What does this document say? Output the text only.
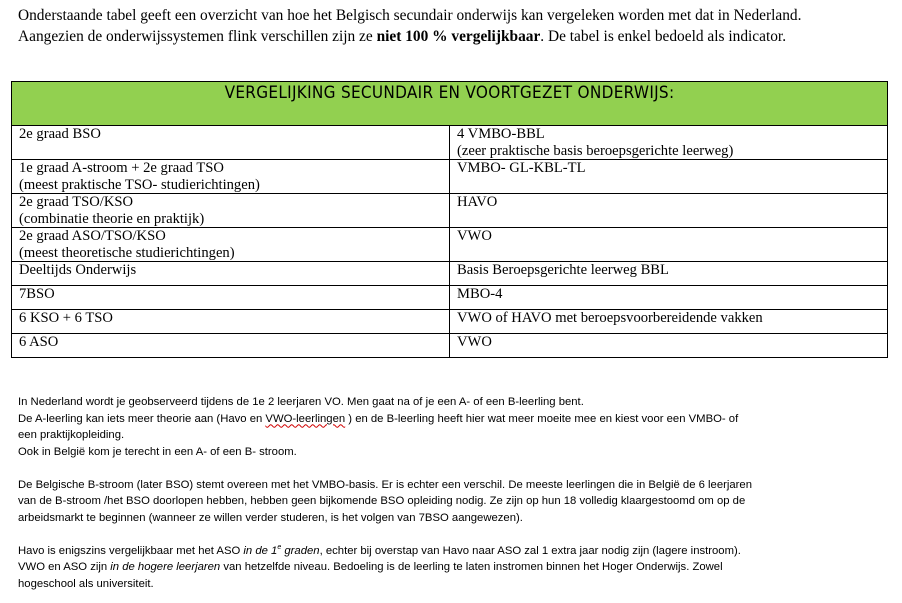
Onderstaande tabel geeft een overzicht van hoe het Belgisch secundair onderwijs kan vergeleken worden met dat in Nederland.

Aangezien de onderwijssystemen flink verschillen zijn ze niet 100 % vergelijkbaar. De tabel is enkel bedoeld als indicator.

VERGELIJKING SECUNDAIR EN VOORTGEZET ONDERWIJS:	

2e graad BSO	4 VMBO-BBL
(zeer praktische basis beroepsgerichte leerweg)

1e graad A-stroom + 2e graad TSO
(meest praktische TSO- studierichtingen)	VMBO- GL-KBL-TL

2e graad TSO/KSO
(combinatie theorie en praktijk)	HAVO

2e graad ASO/TSO/KSO
(meest theoretische studierichtingen)	VWO

Deeltijds Onderwijs	Basis Beroepsgerichte leerweg BBL

7BSO	MBO-4

6 KSO + 6 TSO	VWO of HAVO met beroepsvoorbereidende vakken

6 ASO	VWO

In Nederland wordt je geobserveerd tijdens de 1e 2 leerjaren VO. Men gaat na of je een A- of een B-leerling bent.

De A-leerling kan iets meer theorie aan (Havo en VWO-leerlingen ) en de B-leerling heeft hier wat meer moeite mee en kiest voor een VMBO- of

een praktijkopleiding.

Ook in België kom je terecht in een A- of een B- stroom.

De Belgische B-stroom (later BSO) stemt overeen met het VMBO-basis. Er is echter een verschil. De meeste leerlingen die in België de 6 leerjaren

van de B-stroom /het BSO doorlopen hebben, hebben geen bijkomende BSO opleiding nodig. Ze zijn op hun 18 volledig klaargestoomd om op de

arbeidsmarkt te beginnen (wanneer ze willen verder studeren, is het volgen van 7BSO aangewezen).

Havo is enigszins vergelijkbaar met het ASO in de 1e graden, echter bij overstap van Havo naar ASO zal 1 extra jaar nodig zijn (lagere instroom).

VWO en ASO zijn in de hogere leerjaren van hetzelfde niveau. Bedoeling is de leerling te laten instromen binnen het Hoger Onderwijs. Zowel

hogeschool als universiteit.
